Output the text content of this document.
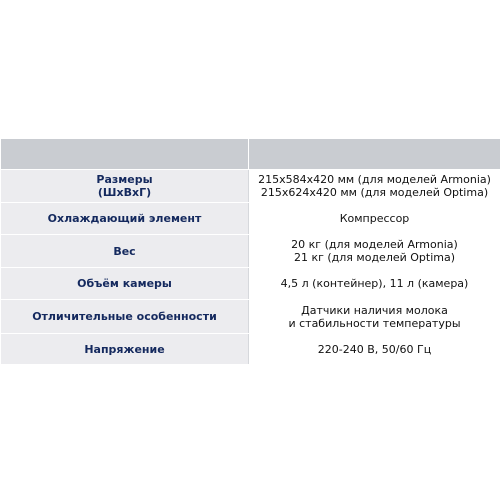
Размеры
(ШхВхГ)	215x584x420 мм (для моделей Armonia)
215x624x420 мм (для моделей Optima)

Охлаждающий элемент	Компрессор

Вес	20 кг (для моделей Armonia)
21 кг (для моделей Optima)

Объём камеры	4,5 л (контейнер), 11 л (камера)

Отличительные особенности	Датчики наличия молока
и стабильности температуры

Напряжение	220-240 В, 50/60 Гц
